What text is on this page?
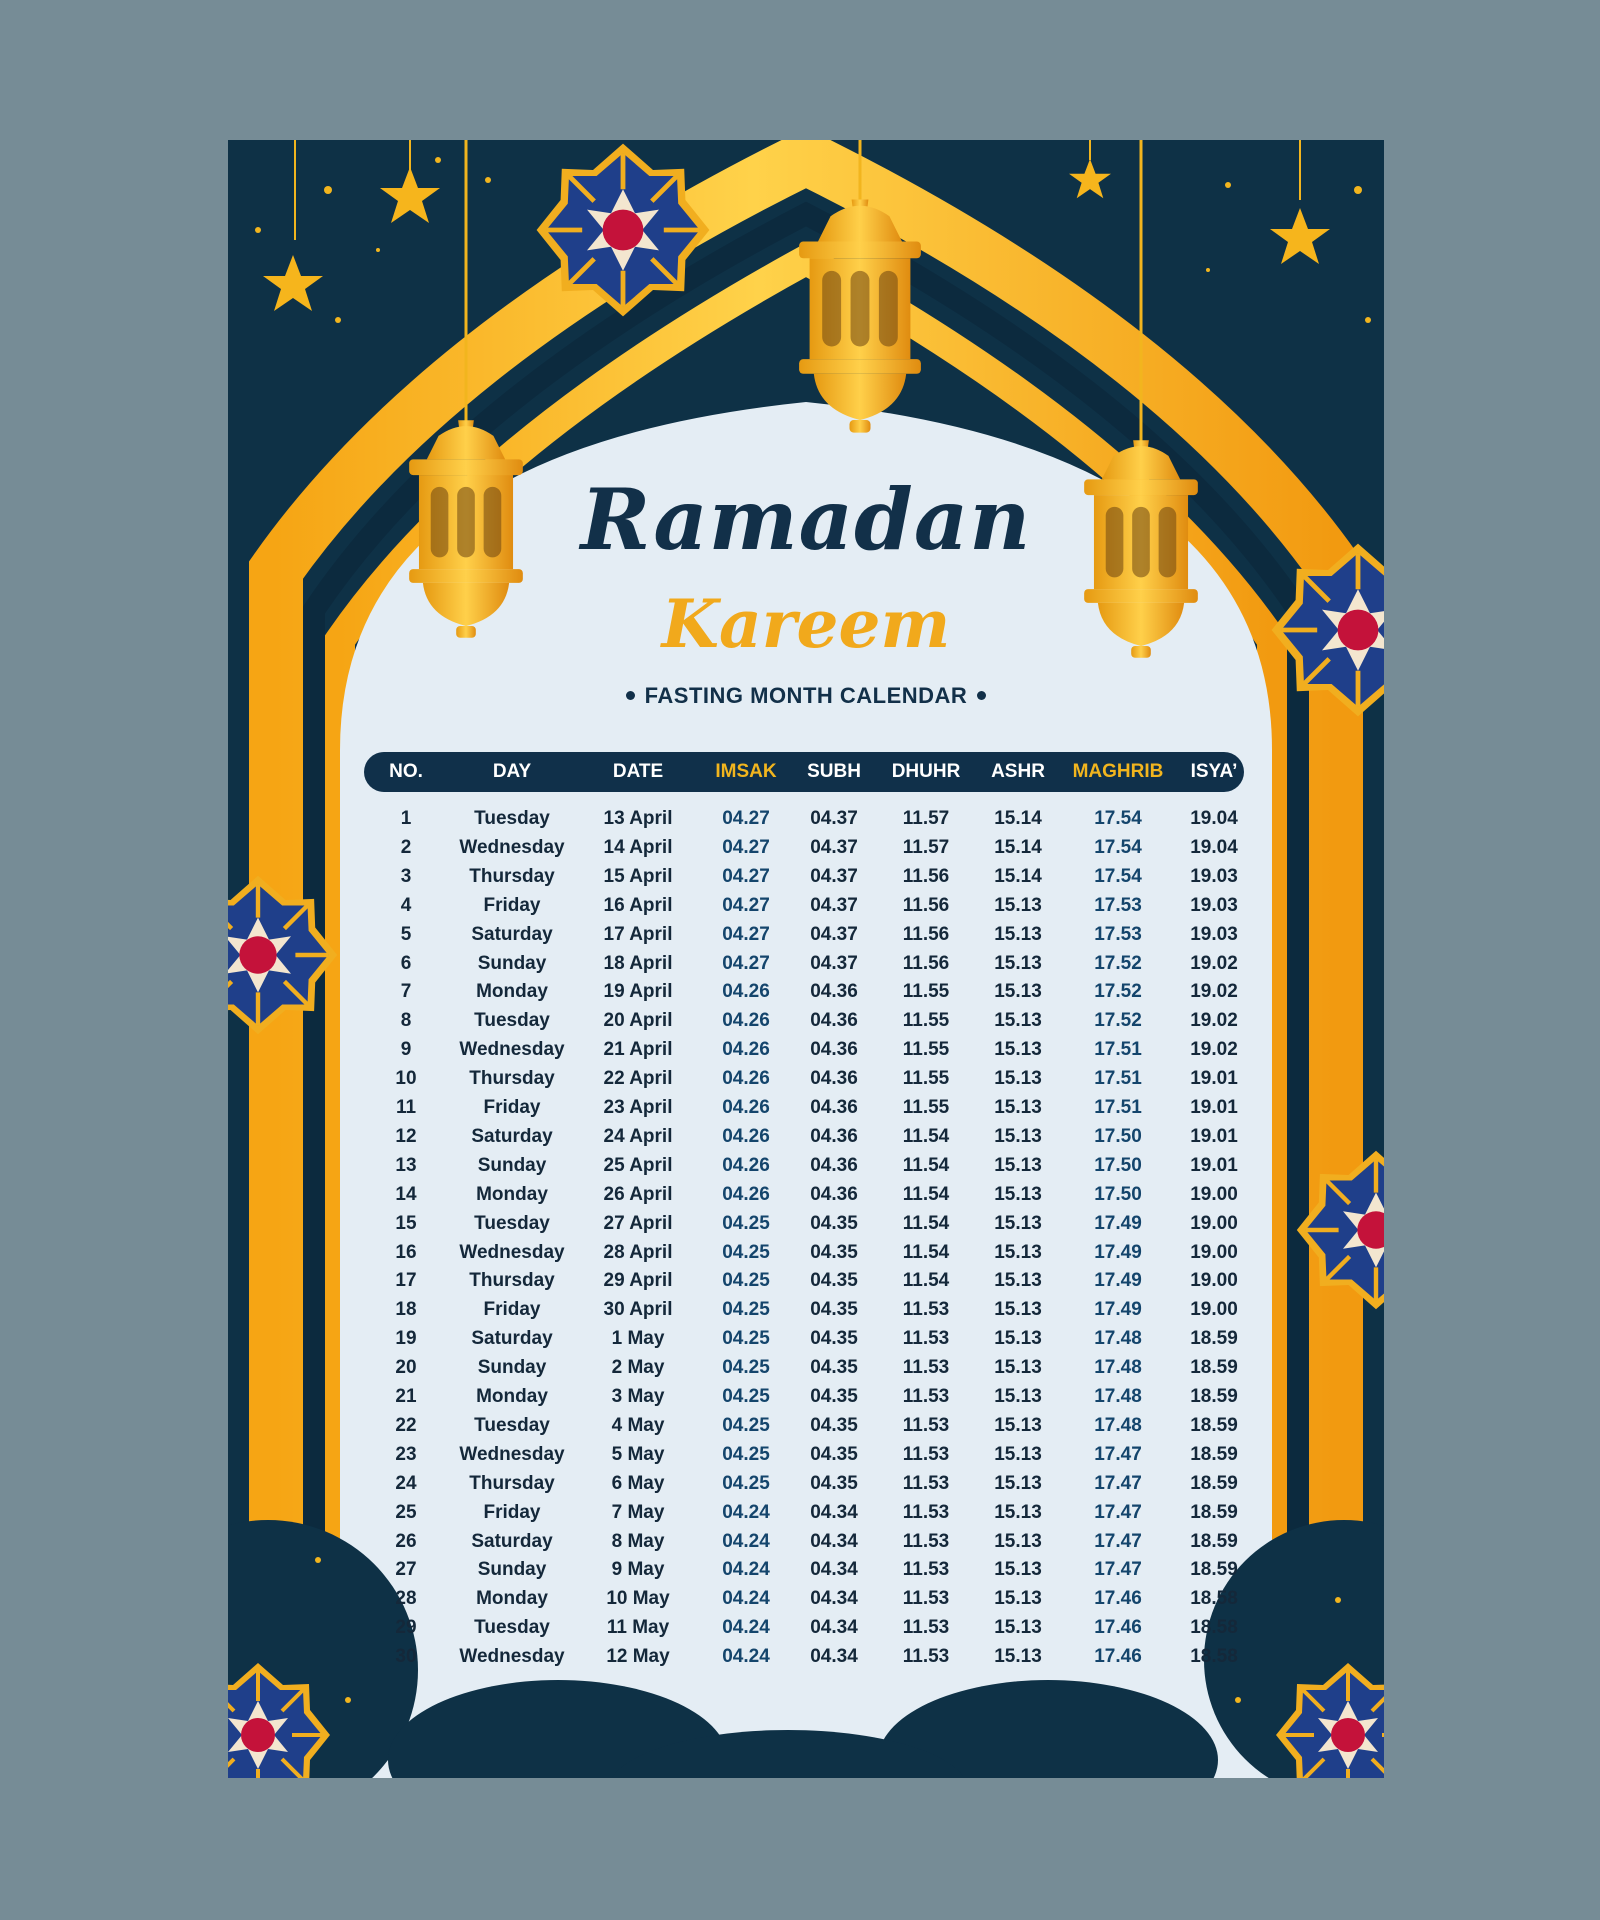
Ramadan
Kareem
FASTING MONTH CALENDAR
NO.	DAY	DATE	IMSAK	SUBH	DHUHR	ASHR	MAGHRIB	ISYA’
1	Tuesday	13 April	04.27	04.37	11.57	15.14	17.54	19.04
2	Wednesday	14 April	04.27	04.37	11.57	15.14	17.54	19.04
3	Thursday	15 April	04.27	04.37	11.56	15.14	17.54	19.03
4	Friday	16 April	04.27	04.37	11.56	15.13	17.53	19.03
5	Saturday	17 April	04.27	04.37	11.56	15.13	17.53	19.03
6	Sunday	18 April	04.27	04.37	11.56	15.13	17.52	19.02
7	Monday	19 April	04.26	04.36	11.55	15.13	17.52	19.02
8	Tuesday	20 April	04.26	04.36	11.55	15.13	17.52	19.02
9	Wednesday	21 April	04.26	04.36	11.55	15.13	17.51	19.02
10	Thursday	22 April	04.26	04.36	11.55	15.13	17.51	19.01
11	Friday	23 April	04.26	04.36	11.55	15.13	17.51	19.01
12	Saturday	24 April	04.26	04.36	11.54	15.13	17.50	19.01
13	Sunday	25 April	04.26	04.36	11.54	15.13	17.50	19.01
14	Monday	26 April	04.26	04.36	11.54	15.13	17.50	19.00
15	Tuesday	27 April	04.25	04.35	11.54	15.13	17.49	19.00
16	Wednesday	28 April	04.25	04.35	11.54	15.13	17.49	19.00
17	Thursday	29 April	04.25	04.35	11.54	15.13	17.49	19.00
18	Friday	30 April	04.25	04.35	11.53	15.13	17.49	19.00
19	Saturday	1 May	04.25	04.35	11.53	15.13	17.48	18.59
20	Sunday	2 May	04.25	04.35	11.53	15.13	17.48	18.59
21	Monday	3 May	04.25	04.35	11.53	15.13	17.48	18.59
22	Tuesday	4 May	04.25	04.35	11.53	15.13	17.48	18.59
23	Wednesday	5 May	04.25	04.35	11.53	15.13	17.47	18.59
24	Thursday	6 May	04.25	04.35	11.53	15.13	17.47	18.59
25	Friday	7 May	04.24	04.34	11.53	15.13	17.47	18.59
26	Saturday	8 May	04.24	04.34	11.53	15.13	17.47	18.59
27	Sunday	9 May	04.24	04.34	11.53	15.13	17.47	18.59
28	Monday	10 May	04.24	04.34	11.53	15.13	17.46	18.58
29	Tuesday	11 May	04.24	04.34	11.53	15.13	17.46	18.58
30	Wednesday	12 May	04.24	04.34	11.53	15.13	17.46	18.58
